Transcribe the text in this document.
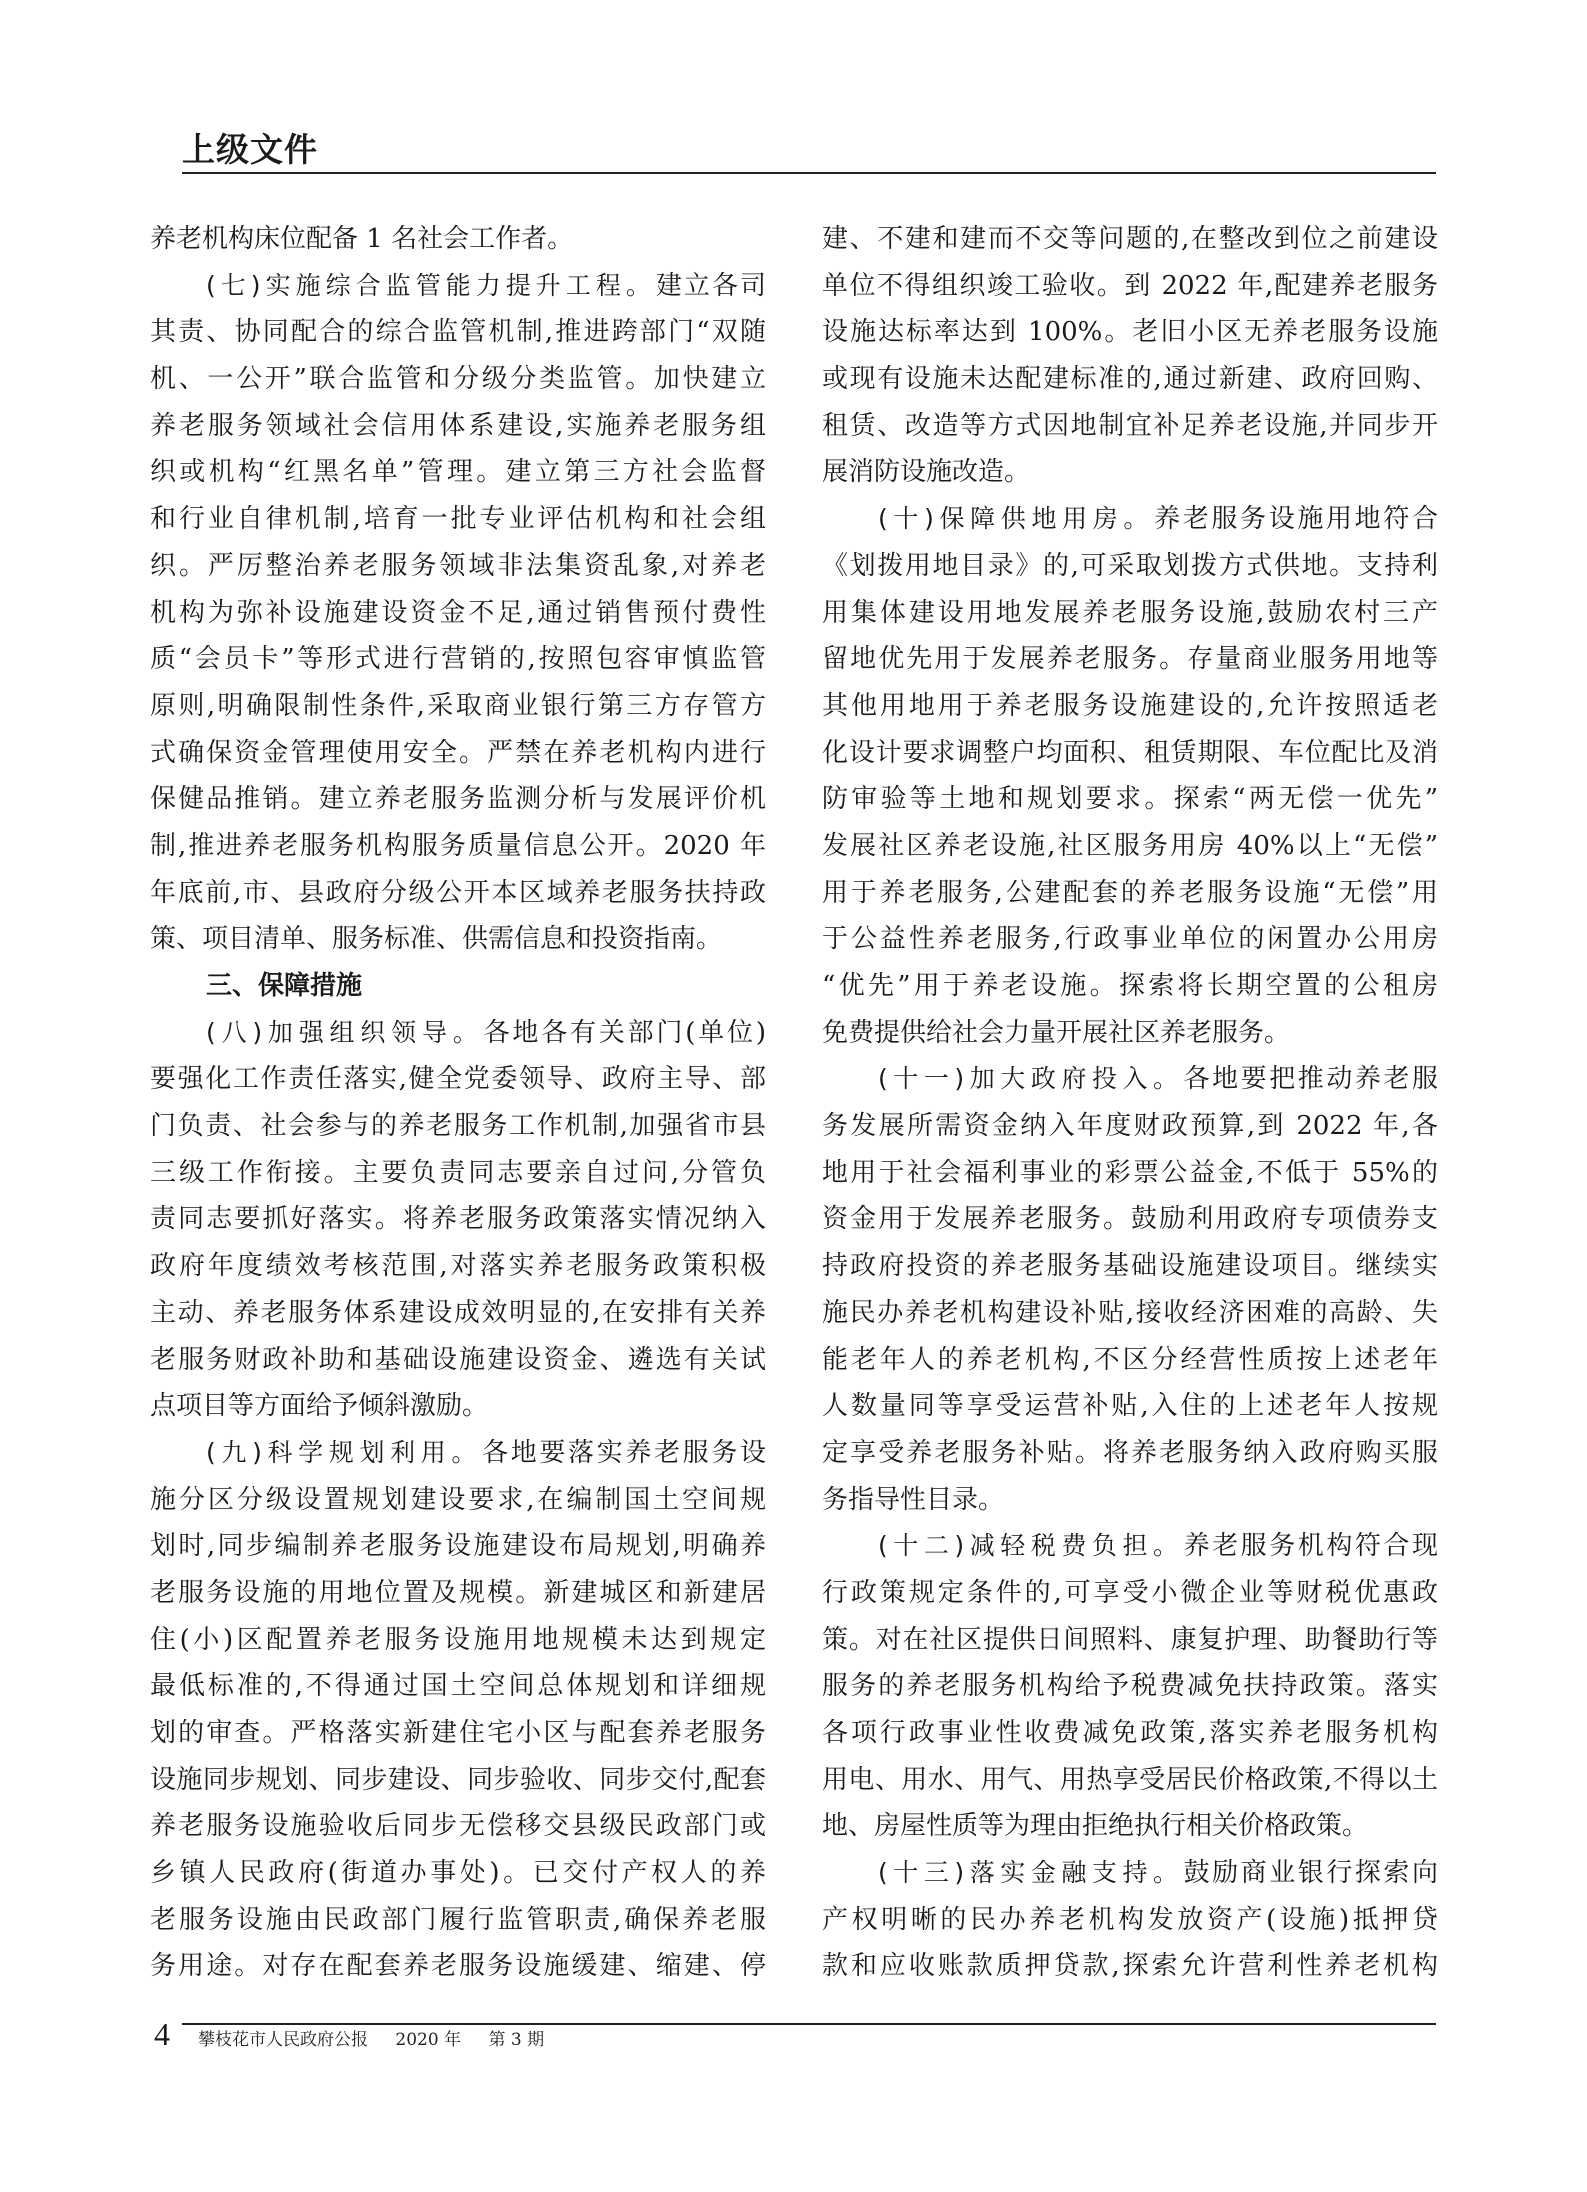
上级文件
养老机构床位配备 1 名社会工作者。
(七)实施综合监管能力提升工程。建立各司
其责、协同配合的综合监管机制,推进跨部门“双随
机、一公开”联合监管和分级分类监管。加快建立
养老服务领域社会信用体系建设,实施养老服务组
织或机构“红黑名单”管理。建立第三方社会监督
和行业自律机制,培育一批专业评估机构和社会组
织。严厉整治养老服务领域非法集资乱象,对养老
机构为弥补设施建设资金不足,通过销售预付费性
质“会员卡”等形式进行营销的,按照包容审慎监管
原则,明确限制性条件,采取商业银行第三方存管方
式确保资金管理使用安全。严禁在养老机构内进行
保健品推销。建立养老服务监测分析与发展评价机
制,推进养老服务机构服务质量信息公开。2020 年
年底前,市、县政府分级公开本区域养老服务扶持政
策、项目清单、服务标准、供需信息和投资指南。
三、保障措施
(八)加强组织领导。各地各有关部门(单位)
要强化工作责任落实,健全党委领导、政府主导、部
门负责、社会参与的养老服务工作机制,加强省市县
三级工作衔接。主要负责同志要亲自过问,分管负
责同志要抓好落实。将养老服务政策落实情况纳入
政府年度绩效考核范围,对落实养老服务政策积极
主动、养老服务体系建设成效明显的,在安排有关养
老服务财政补助和基础设施建设资金、遴选有关试
点项目等方面给予倾斜激励。
(九)科学规划利用。各地要落实养老服务设
施分区分级设置规划建设要求,在编制国土空间规
划时,同步编制养老服务设施建设布局规划,明确养
老服务设施的用地位置及规模。新建城区和新建居
住(小)区配置养老服务设施用地规模未达到规定
最低标准的,不得通过国土空间总体规划和详细规
划的审查。严格落实新建住宅小区与配套养老服务
设施同步规划、同步建设、同步验收、同步交付,配套
养老服务设施验收后同步无偿移交县级民政部门或
乡镇人民政府(街道办事处)。已交付产权人的养
老服务设施由民政部门履行监管职责,确保养老服
务用途。对存在配套养老服务设施缓建、缩建、停
建、不建和建而不交等问题的,在整改到位之前建设
单位不得组织竣工验收。到 2022 年,配建养老服务
设施达标率达到 100%。老旧小区无养老服务设施
或现有设施未达配建标准的,通过新建、政府回购、
租赁、改造等方式因地制宜补足养老设施,并同步开
展消防设施改造。
(十)保障供地用房。养老服务设施用地符合
《划拨用地目录》的,可采取划拨方式供地。支持利
用集体建设用地发展养老服务设施,鼓励农村三产
留地优先用于发展养老服务。存量商业服务用地等
其他用地用于养老服务设施建设的,允许按照适老
化设计要求调整户均面积、租赁期限、车位配比及消
防审验等土地和规划要求。探索“两无偿一优先”
发展社区养老设施,社区服务用房 40%以上“无偿”
用于养老服务,公建配套的养老服务设施“无偿”用
于公益性养老服务,行政事业单位的闲置办公用房
“优先”用于养老设施。探索将长期空置的公租房
免费提供给社会力量开展社区养老服务。
(十一)加大政府投入。各地要把推动养老服
务发展所需资金纳入年度财政预算,到 2022 年,各
地用于社会福利事业的彩票公益金,不低于 55%的
资金用于发展养老服务。鼓励利用政府专项债券支
持政府投资的养老服务基础设施建设项目。继续实
施民办养老机构建设补贴,接收经济困难的高龄、失
能老年人的养老机构,不区分经营性质按上述老年
人数量同等享受运营补贴,入住的上述老年人按规
定享受养老服务补贴。将养老服务纳入政府购买服
务指导性目录。
(十二)减轻税费负担。养老服务机构符合现
行政策规定条件的,可享受小微企业等财税优惠政
策。对在社区提供日间照料、康复护理、助餐助行等
服务的养老服务机构给予税费减免扶持政策。落实
各项行政事业性收费减免政策,落实养老服务机构
用电、用水、用气、用热享受居民价格政策,不得以土
地、房屋性质等为理由拒绝执行相关价格政策。
(十三)落实金融支持。鼓励商业银行探索向
产权明晰的民办养老机构发放资产(设施)抵押贷
款和应收账款质押贷款,探索允许营利性养老机构
4 攀枝花市人民政府公报 2020 年 第 3 期
